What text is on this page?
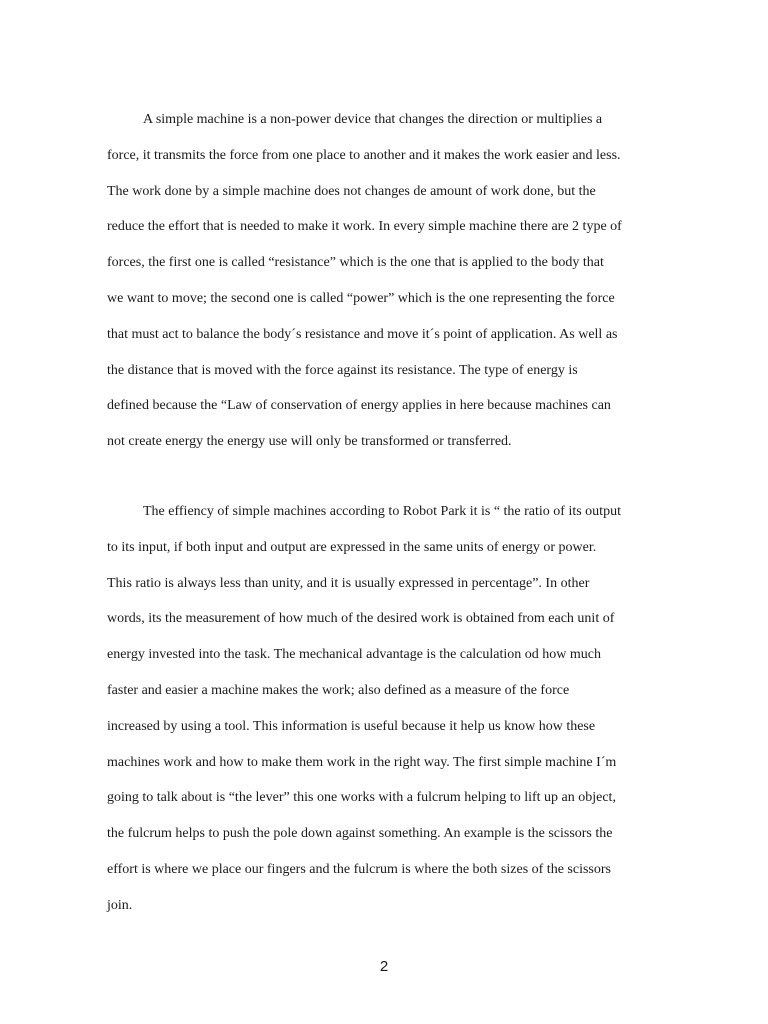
A simple machine is a non-power device that changes the direction or multiplies a
force, it transmits the force from one place to another and it makes the work easier and less.
The work done by a simple machine does not changes de amount of work done, but the
reduce the effort that is needed to make it work. In every simple machine there are 2 type of
forces, the first one is called “resistance” which is the one that is applied to the body that
we want to move; the second one is called “power” which is the one representing the force
that must act to balance the body´s resistance and move it´s point of application. As well as
the distance that is moved with the force against its resistance. The type of energy is
defined because the “Law of conservation of energy applies in here because machines can
not create energy the energy use will only be transformed or transferred.

The effiency of simple machines according to Robot Park it is “ the ratio of its output
to its input, if both input and output are expressed in the same units of energy or power.
This ratio is always less than unity, and it is usually expressed in percentage”. In other
words, its the measurement of how much of the desired work is obtained from each unit of
energy invested into the task. The mechanical advantage is the calculation od how much
faster and easier a machine makes the work; also defined as a measure of the force
increased by using a tool. This information is useful because it help us know how these
machines work and how to make them work in the right way. The first simple machine I´m
going to talk about is “the lever” this one works with a fulcrum helping to lift up an object,
the fulcrum helps to push the pole down against something. An example is the scissors the
effort is where we place our fingers and the fulcrum is where the both sizes of the scissors
join.

2
